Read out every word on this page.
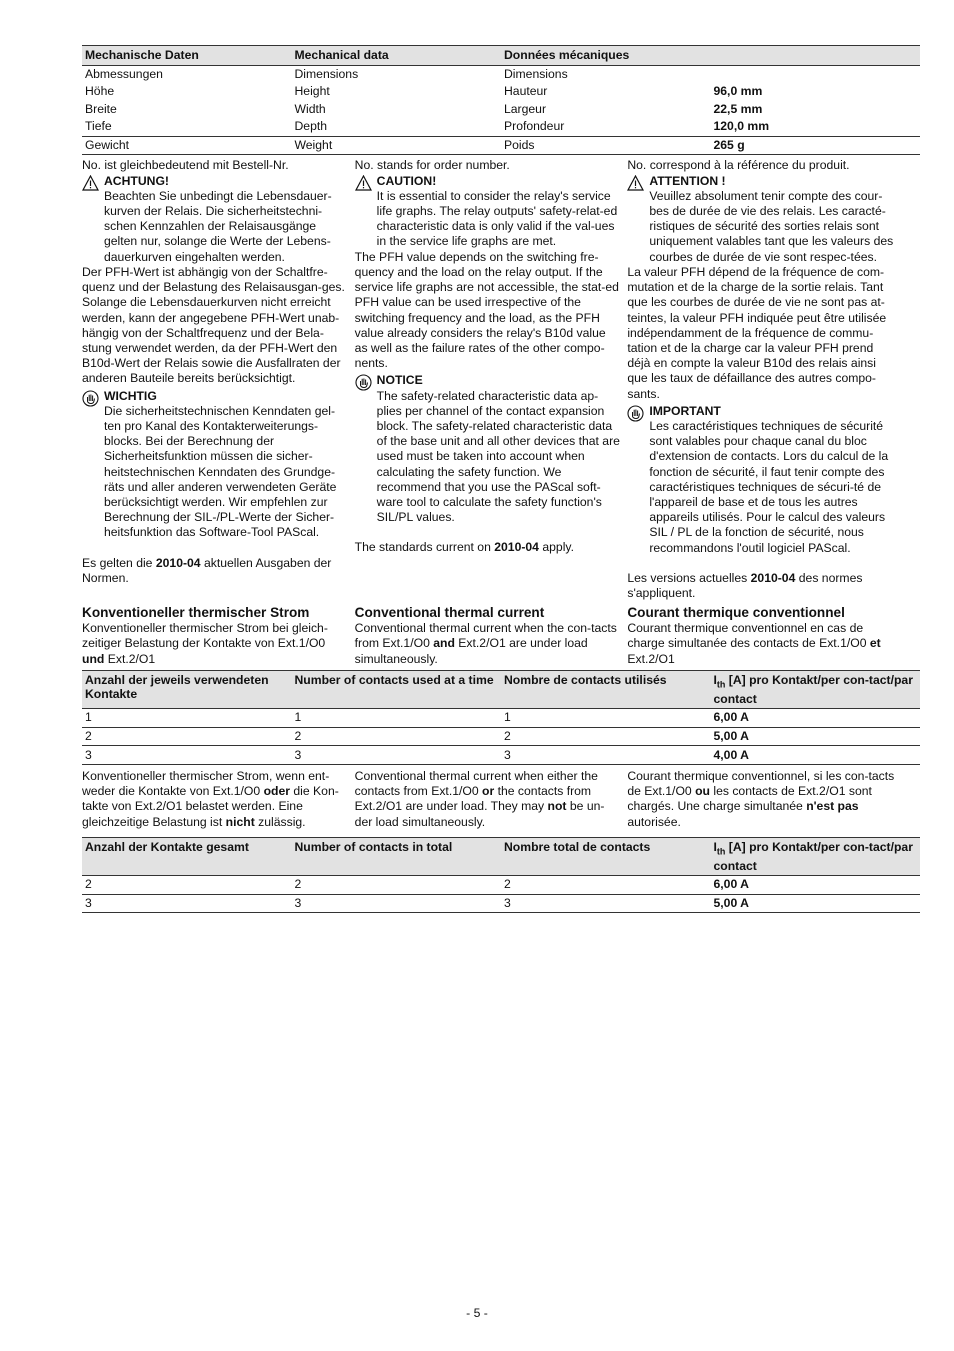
Mechanische Daten	Mechanical data	Données mécaniques	
Abmessungen	Dimensions	Dimensions	
Höhe	Height	Hauteur	96,0 mm
Breite	Width	Largeur	22,5 mm
Tiefe	Depth	Profondeur	120,0 mm
Gewicht	Weight	Poids	265 g

No. ist gleichbedeutend mit Bestell-Nr.

ACHTUNG!

Beachten Sie unbedingt die Lebensdauer-kurven der Relais. Die sicherheitstechni-schen Kennzahlen der Relaisausgänge gelten nur, solange die Werte der Lebens-dauerkurven eingehalten werden.

Der PFH-Wert ist abhängig von der Schaltfre-quenz und der Belastung des Relaisausgan-ges.

Solange die Lebensdauerkurven nicht erreicht werden, kann der angegebene PFH-Wert unab-hängig von der Schaltfrequenz und der Bela-stung verwendet werden, da der PFH-Wert den B10d-Wert der Relais sowie die Ausfallraten der anderen Bauteile bereits berücksichtigt.

WICHTIG

Die sicherheitstechnischen Kenndaten gel-ten pro Kanal des Kontakterweiterungs-blocks. Bei der Berechnung der Sicherheitsfunktion müssen die sicher-heitstechnischen Kenndaten des Grundge-räts und aller anderen verwendeten Geräte berücksichtigt werden. Wir empfehlen zur Berechnung der SIL-/PL-Werte der Sicher-heitsfunktion das Software-Tool PAScal.

Es gelten die 2010-04 aktuellen Ausgaben der Normen.

No. stands for order number.

CAUTION!

It is essential to consider the relay's service life graphs. The relay outputs' safety-relat-ed characteristic data is only valid if the val-ues in the service life graphs are met.

The PFH value depends on the switching fre-quency and the load on the relay output. If the service life graphs are not accessible, the stat-ed PFH value can be used irrespective of the switching frequency and the load, as the PFH value already considers the relay's B10d value as well as the failure rates of the other compo-nents.

NOTICE

The safety-related characteristic data ap-plies per channel of the contact expansion block. The safety-related characteristic data of the base unit and all other devices that are used must be taken into account when calculating the safety function. We recommend that you use the PAScal soft-ware tool to calculate the safety function's SIL/PL values.

The standards current on 2010-04 apply.

No. correspond à la référence du produit.

ATTENTION !

Veuillez absolument tenir compte des cour-bes de durée de vie des relais. Les caracté-ristiques de sécurité des sorties relais sont uniquement valables tant que les valeurs des courbes de durée de vie sont respec-tées.

La valeur PFH dépend de la fréquence de com-mutation et de la charge de la sortie relais. Tant que les courbes de durée de vie ne sont pas at-teintes, la valeur PFH indiquée peut être utilisée indépendamment de la fréquence de commu-tation et de la charge car la valeur PFH prend déjà en compte la valeur B10d des relais ainsi que les taux de défaillance des autres compo-sants.

IMPORTANT

Les caractéristiques techniques de sécurité sont valables pour chaque canal du bloc d'extension de contacts. Lors du calcul de la fonction de sécurité, il faut tenir compte des caractéristiques techniques de sécuri-té de l'appareil de base et de tous les autres appareils utilisés. Pour le calcul des valeurs SIL / PL de la fonction de sécurité, nous recommandons l'outil logiciel PAScal.

Les versions actuelles 2010-04 des normes s'appliquent.

Konventioneller thermischer Strom

Konventioneller thermischer Strom bei gleich-zeitiger Belastung der Kontakte von Ext.1/O0 und Ext.2/O1

Conventional thermal current

Conventional thermal current when the con-tacts from Ext.1/O0 and Ext.2/O1 are under load simultaneously.

Courant thermique conventionnel

Courant thermique conventionnel en cas de charge simultanée des contacts de Ext.1/O0 et Ext.2/O1

Anzahl der jeweils verwendeten Kontakte	Number of contacts used at a time	Nombre de contacts utilisés	$I_{th}$ [A] pro Kontakt/per con-tact/par contact
1	1	1	6,00 A
2	2	2	5,00 A
3	3	3	4,00 A

Konventioneller thermischer Strom, wenn ent-weder die Kontakte von Ext.1/O0 oder die Kon-takte von Ext.2/O1 belastet werden. Eine gleichzeitige Belastung ist nicht zulässig.

Conventional thermal current when either the contacts from Ext.1/O0 or the contacts from Ext.2/O1 are under load. They may not be un-der load simultaneously.

Courant thermique conventionnel, si les con-tacts de Ext.1/O0 ou les contacts de Ext.2/O1 sont chargés. Une charge simultanée n'est pas autorisée.

Anzahl der Kontakte gesamt	Number of contacts in total	Nombre total de contacts	$I_{th}$ [A] pro Kontakt/per con-tact/par contact
2	2	2	6,00 A
3	3	3	5,00 A
- 5 -
